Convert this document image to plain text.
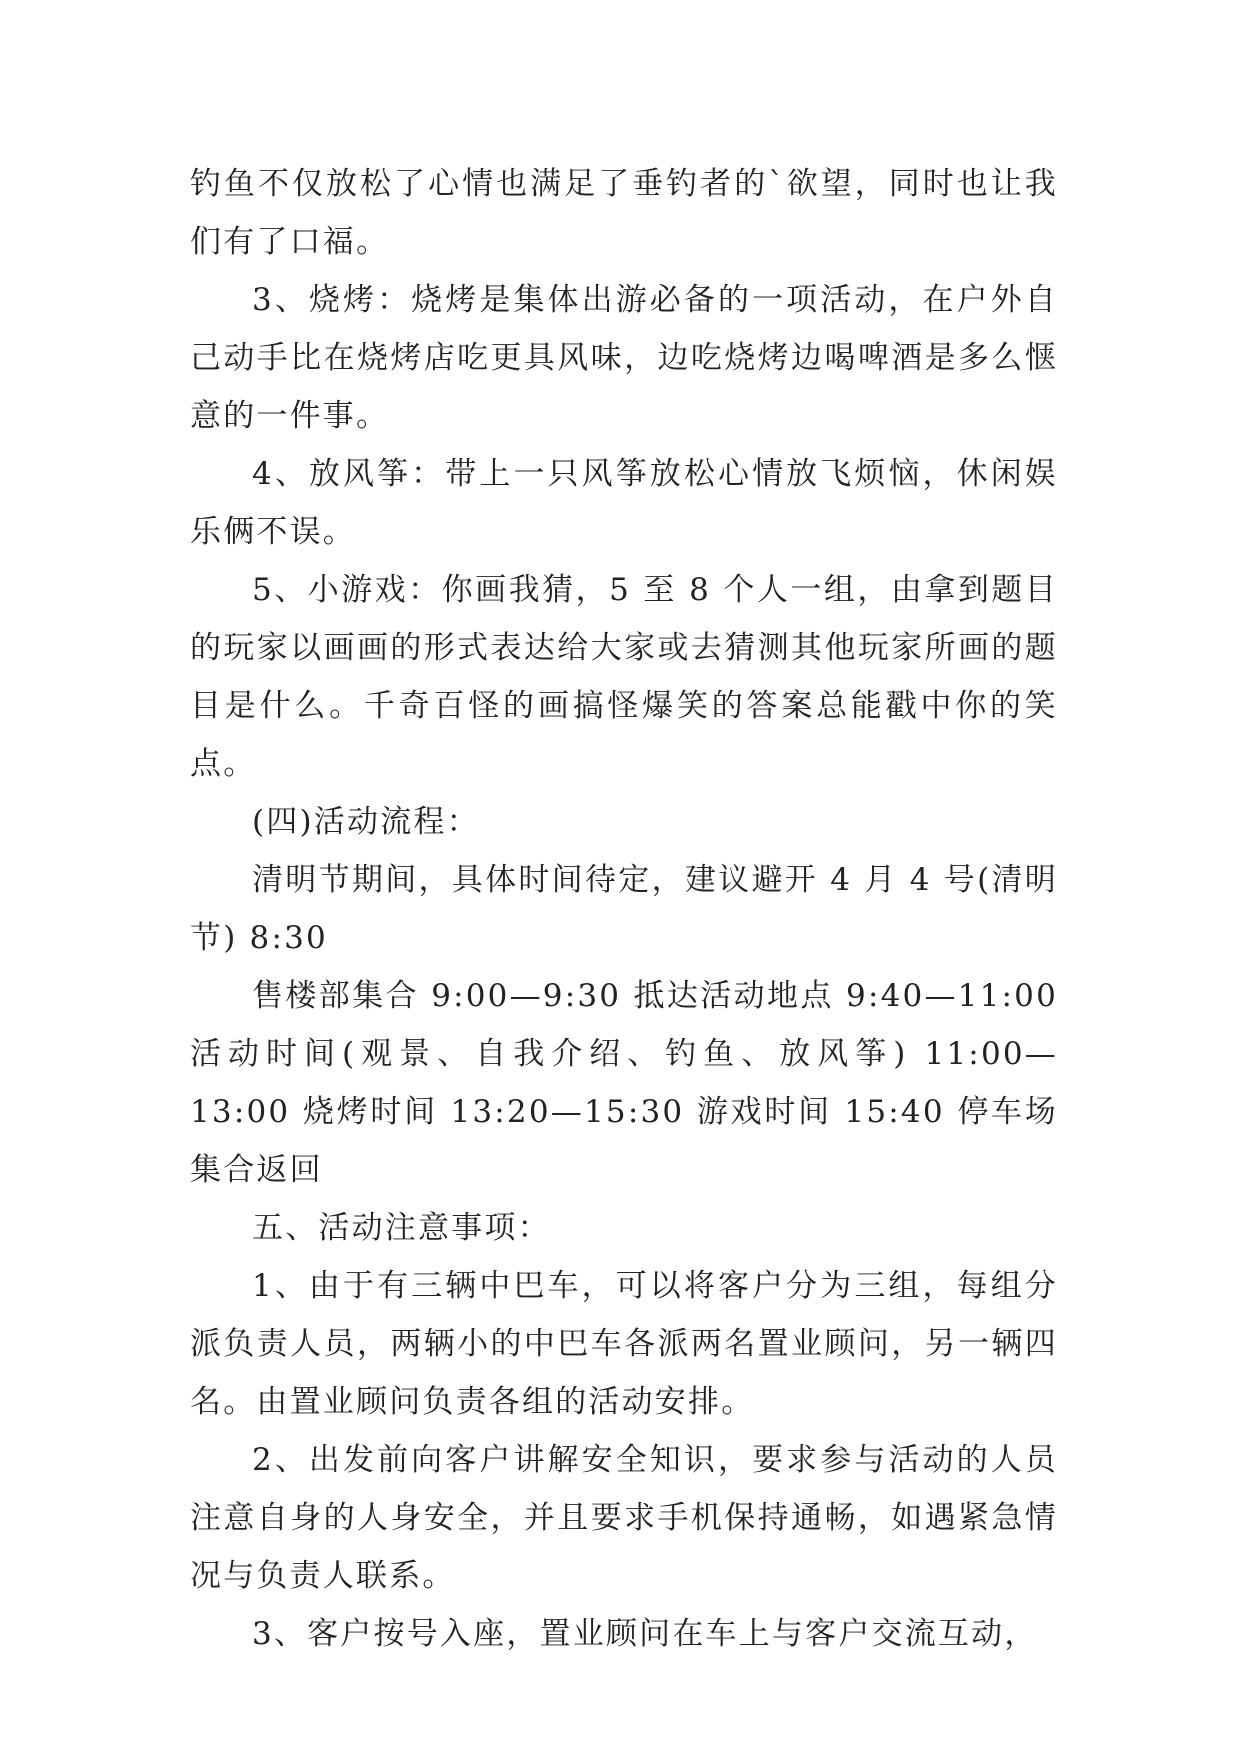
钓鱼不仅放松了心情也满足了垂钓者的`欲望，同时也让我们有了口福。

3、烧烤：烧烤是集体出游必备的一项活动，在户外自己动手比在烧烤店吃更具风味，边吃烧烤边喝啤酒是多么惬意的一件事。

4、放风筝：带上一只风筝放松心情放飞烦恼，休闲娱乐俩不误。

5、小游戏：你画我猜，5 至 8 个人一组，由拿到题目的玩家以画画的形式表达给大家或去猜测其他玩家所画的题目是什么。千奇百怪的画搞怪爆笑的答案总能戳中你的笑点。

(四)活动流程：

清明节期间，具体时间待定，建议避开 4 月 4 号(清明节) 8:30

售楼部集合 9:00—9:30 抵达活动地点 9:40—11:00 活动时间(观景、自我介绍、钓鱼、放风筝) 11:00—13:00 烧烤时间 13:20—15:30 游戏时间 15:40 停车场集合返回

五、活动注意事项：

1、由于有三辆中巴车，可以将客户分为三组，每组分派负责人员，两辆小的中巴车各派两名置业顾问，另一辆四名。由置业顾问负责各组的活动安排。

2、出发前向客户讲解安全知识，要求参与活动的人员注意自身的人身安全，并且要求手机保持通畅，如遇紧急情况与负责人联系。

3、客户按号入座，置业顾问在车上与客户交流互动，
